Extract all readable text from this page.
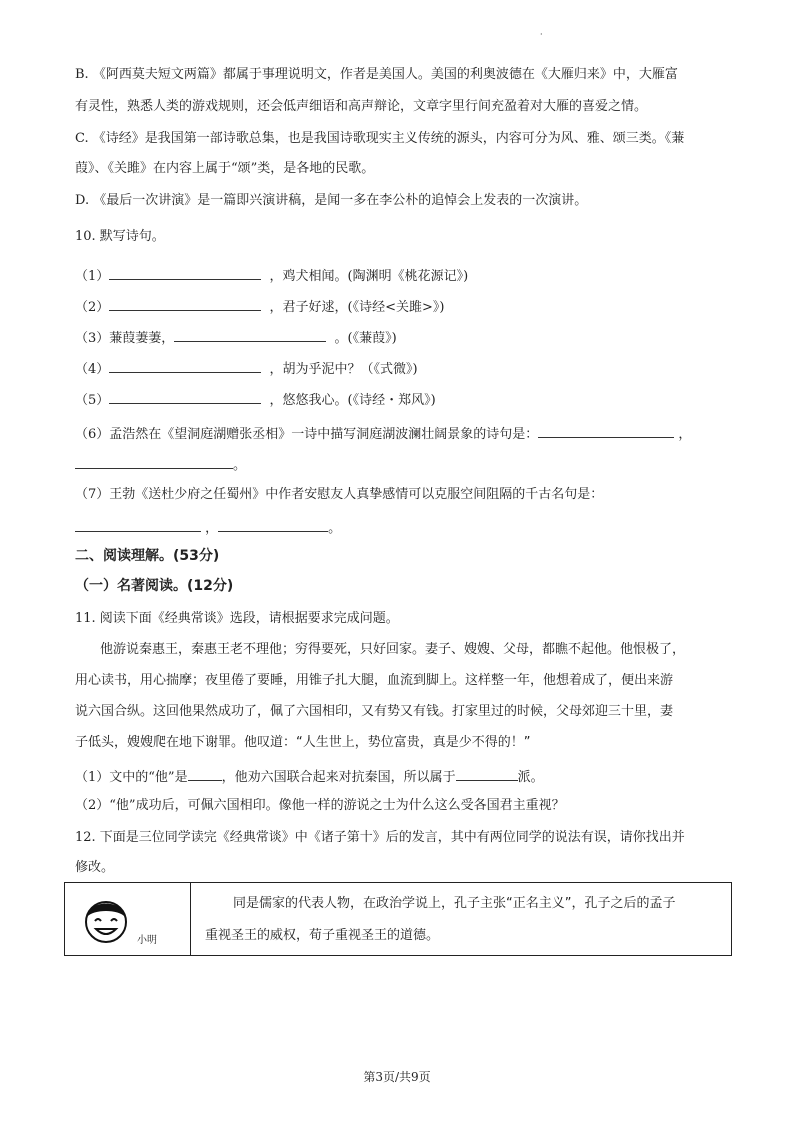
·
B. 《阿西莫夫短文两篇》都属于事理说明文，作者是美国人。美国的利奥波德在《大雁归来》中，大雁富
有灵性，熟悉人类的游戏规则，还会低声细语和高声辩论，文章字里行间充盈着对大雁的喜爱之情。
C. 《诗经》是我国第一部诗歌总集，也是我国诗歌现实主义传统的源头，内容可分为风、雅、颂三类。《蒹
葭》、《关雎》在内容上属于“颂”类，是各地的民歌。
D. 《最后一次讲演》是一篇即兴演讲稿，是闻一多在李公朴的追悼会上发表的一次演讲。
10. 默写诗句。
（1）	，鸡犬相闻。(陶渊明《桃花源记》)
（2）	，君子好逑，(《诗经<关雎>》)
（3）蒹葭萋萋，	。(《蒹葭》)
（4）	，胡为乎泥中？（《式微》)
（5）	，悠悠我心。(《诗经・郑风》)
（6）孟浩然在《望洞庭湖赠张丞相》一诗中描写洞庭湖波澜壮阔景象的诗句是：	，
。
（7）王勃《送杜少府之任蜀州》中作者安慰友人真挚感情可以克服空间阻隔的千古名句是：
，	。
二、阅读理解。(53分)
（一）名著阅读。(12分)
11. 阅读下面《经典常谈》选段，请根据要求完成问题。
他游说秦惠王，秦惠王老不理他；穷得要死，只好回家。妻子、嫂嫂、父母，都瞧不起他。他恨极了，
用心读书，用心揣摩；夜里倦了要睡，用锥子扎大腿，血流到脚上。这样整一年，他想着成了，便出来游
说六国合纵。这回他果然成功了，佩了六国相印，又有势又有钱。打家里过的时候，父母郊迎三十里，妻
子低头，嫂嫂爬在地下谢罪。他叹道：“人生世上，势位富贵，真是少不得的！”
（1）文中的“他”是	，他劝六国联合起来对抗秦国，所以属于	派。
（2）“他”成功后，可佩六国相印。像他一样的游说之士为什么这么受各国君主重视？
12. 下面是三位同学读完《经典常谈》中《诸子第十》后的发言，其中有两位同学的说法有误，请你找出并
修改。
小明
同是儒家的代表人物，在政治学说上，孔子主张“正名主义”，孔子之后的孟子
重视圣王的威权，荀子重视圣王的道德。
第3页/共9页
